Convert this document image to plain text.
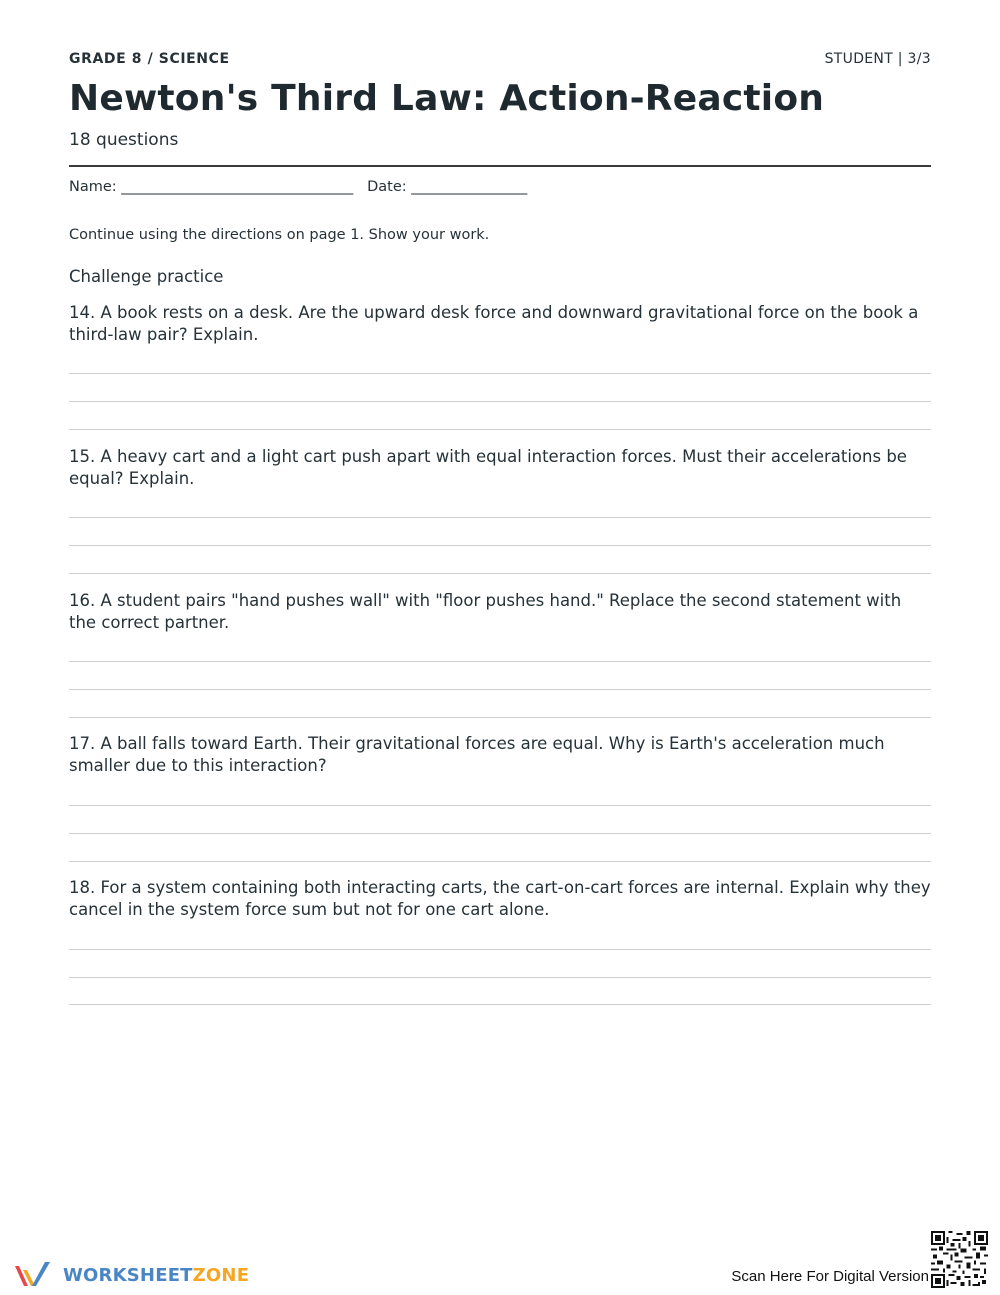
GRADE 8 / SCIENCE	STUDENT | 3/3
Newton's Third Law: Action-Reaction
18 questions
Name: ________________________________   Date: ________________
Continue using the directions on page 1. Show your work.
Challenge practice

14. A book rests on a desk. Are the upward desk force and downward gravitational force on the book a third-law pair? Explain.

15. A heavy cart and a light cart push apart with equal interaction forces. Must their accelerations be equal? Explain.

16. A student pairs "hand pushes wall" with "floor pushes hand." Replace the second statement with the correct partner.

17. A ball falls toward Earth. Their gravitational forces are equal. Why is Earth's acceleration much smaller due to this interaction?

18. For a system containing both interacting carts, the cart-on-cart forces are internal. Explain why they cancel in the system force sum but not for one cart alone.

WORKSHEETZONE	Scan Here For Digital Version
